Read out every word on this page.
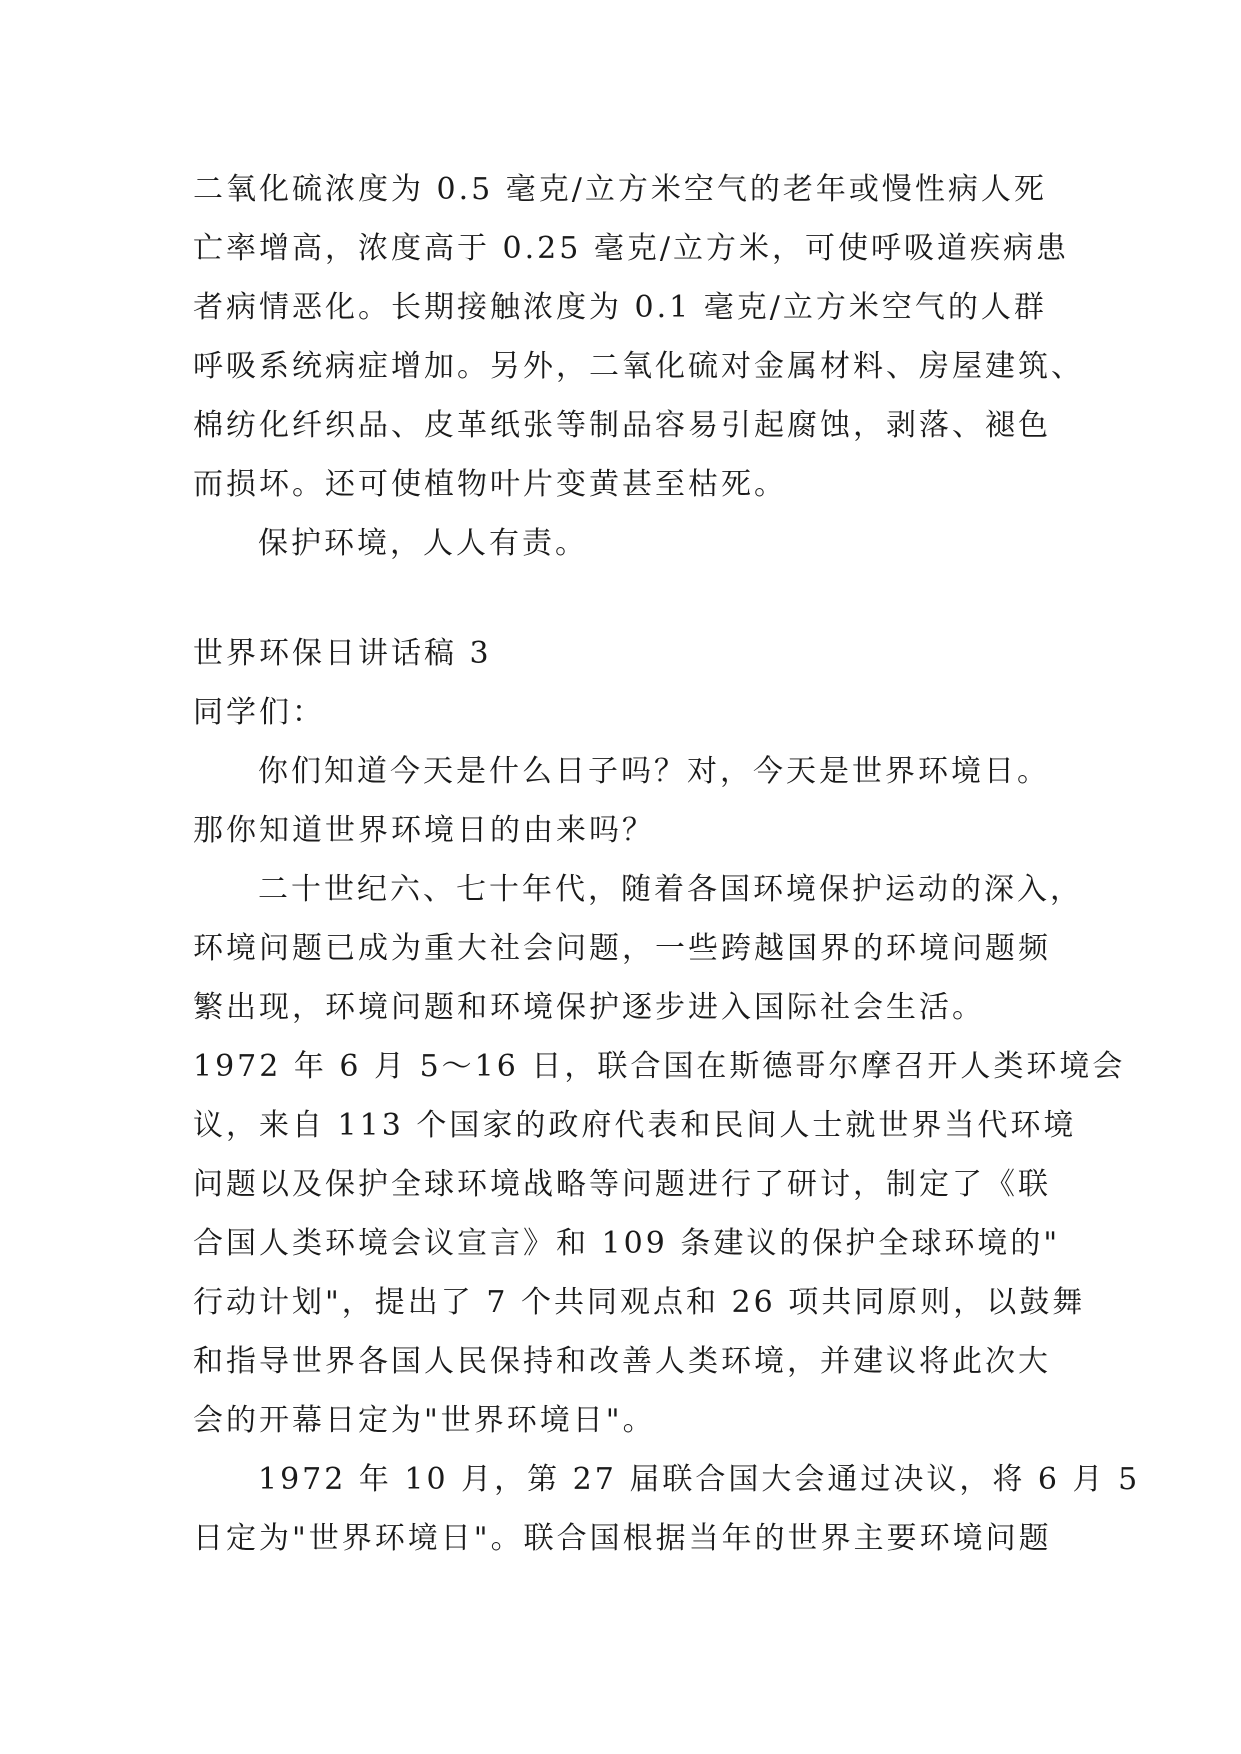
二氧化硫浓度为 0.5 毫克/立方米空气的老年或慢性病人死
亡率增高，浓度高于 0.25 毫克/立方米，可使呼吸道疾病患
者病情恶化。长期接触浓度为 0.1 毫克/立方米空气的人群
呼吸系统病症增加。另外，二氧化硫对金属材料、房屋建筑、
棉纺化纤织品、皮革纸张等制品容易引起腐蚀，剥落、褪色
而损坏。还可使植物叶片变黄甚至枯死。
保护环境，人人有责。
世界环保日讲话稿 3
同学们：
你们知道今天是什么日子吗？对，今天是世界环境日。
那你知道世界环境日的由来吗？
二十世纪六、七十年代，随着各国环境保护运动的深入，
环境问题已成为重大社会问题，一些跨越国界的环境问题频
繁出现，环境问题和环境保护逐步进入国际社会生活。
1972 年 6 月 5～16 日，联合国在斯德哥尔摩召开人类环境会
议，来自 113 个国家的政府代表和民间人士就世界当代环境
问题以及保护全球环境战略等问题进行了研讨，制定了《联
合国人类环境会议宣言》和 109 条建议的保护全球环境的"
行动计划"，提出了 7 个共同观点和 26 项共同原则，以鼓舞
和指导世界各国人民保持和改善人类环境，并建议将此次大
会的开幕日定为"世界环境日"。
1972 年 10 月，第 27 届联合国大会通过决议，将 6 月 5
日定为"世界环境日"。联合国根据当年的世界主要环境问题
